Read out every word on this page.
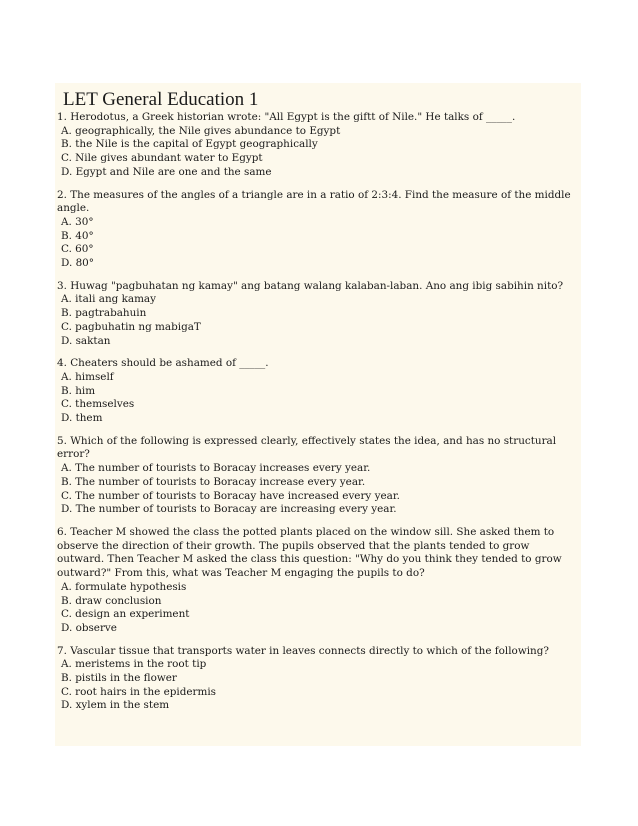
LET General Education 1
1. Herodotus, a Greek historian wrote: "All Egypt is the giftt of Nile." He talks of _____.
A. geographically, the Nile gives abundance to Egypt
B. the Nile is the capital of Egypt geographically
C. Nile gives abundant water to Egypt
D. Egypt and Nile are one and the same
2. The measures of the angles of a triangle are in a ratio of 2:3:4. Find the measure of the middle angle.
A. 30°
B. 40°
C. 60°
D. 80°
3. Huwag "pagbuhatan ng kamay" ang batang walang kalaban-laban. Ano ang ibig sabihin nito?
A. itali ang kamay
B. pagtrabahuin
C. pagbuhatin ng mabigaT
D. saktan
4. Cheaters should be ashamed of _____.
A. himself
B. him
C. themselves
D. them
5. Which of the following is expressed clearly, effectively states the idea, and has no structural error?
A. The number of tourists to Boracay increases every year.
B. The number of tourists to Boracay increase every year.
C. The number of tourists to Boracay have increased every year.
D. The number of tourists to Boracay are increasing every year.
6. Teacher M showed the class the potted plants placed on the window sill. She asked them to observe the direction of their growth. The pupils observed that the plants tended to grow outward. Then Teacher M asked the class this question: "Why do you think they tended to grow outward?" From this, what was Teacher M engaging the pupils to do?
A. formulate hypothesis
B. draw conclusion
C. design an experiment
D. observe
7. Vascular tissue that transports water in leaves connects directly to which of the following?
A. meristems in the root tip
B. pistils in the flower
C. root hairs in the epidermis
D. xylem in the stem
